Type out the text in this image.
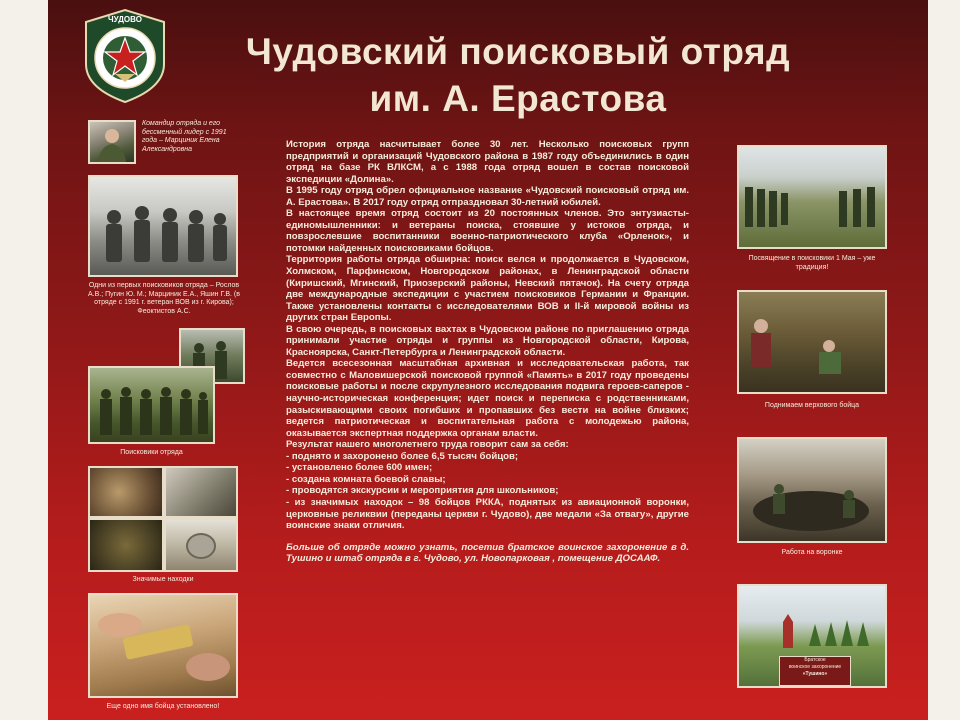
ЧУДОВО
Чудовский поисковый отряд
им. А. Ерастова
Командир отряда и его бессменный лидер с 1991 года – Марциник Елена Александровна
Одни из первых поисковиков отряда – Рослов А.В.; Пугин Ю. М.; Марциник Е.А., Яшин Г.В. (в отряде с 1991 г. ветеран ВОВ из г. Кирова); Феоктистов А.С.
Поисковики отряда
Значимые находки
Еще одно имя бойца установлено!

История отряда насчитывает более 30 лет. Несколько поисковых групп предприятий и организаций Чудовского района в 1987 году объединились в один отряд на базе РК ВЛКСМ, а с 1988 года отряд вошел в состав поисковой экспедиции «Долина».

В 1995 году отряд обрел официальное название «Чудовский поисковый отряд им. А. Ерастова». В 2017 году отряд отпраздновал 30-летний юбилей.

В настоящее время отряд состоит из 20 постоянных членов. Это энтузиасты-единомышленники: и ветераны поиска, стоявшие у истоков отряда, и повзрослевшие воспитанники военно-патриотического клуба «Орленок», и потомки найденных поисковиками бойцов.

Территория работы отряда обширна: поиск велся и продолжается в Чудовском, Холмском, Парфинском, Новгородском районах, в Ленинградской области (Киришский, Мгинский, Приозерский районы, Невский пятачок). На счету отряда две международные экспедиции с участием поисковиков Германии и Франции. Также установлены контакты с исследователями ВОВ и II-й мировой войны из других стран Европы.

В свою очередь, в поисковых вахтах в Чудовском районе по приглашению отряда принимали участие отряды и группы из Новгородской области, Кирова, Красноярска, Санкт-Петербурга и Ленинградской области.

Ведется всесезонная масштабная архивная и исследовательская работа, так совместно с Маловишерской поисковой группой «Память» в 2017 году проведены поисковые работы и после скрупулезного исследования подвига героев-саперов - научно-историческая конференция; идет поиск и переписка с родственниками, разыскивающими своих погибших и пропавших без вести на войне близких; ведется патриотическая и воспитательная работа с молодежью района, оказывается экспертная поддержка органам власти.

Результат нашего многолетнего труда говорит сам за себя:

- поднято и захоронено более 6,5 тысяч бойцов;
- установлено более 600 имен;
- создана комната боевой славы;
- проводятся экскурсии и мероприятия для школьников;
- из значимых находок – 98 бойцов РККА, поднятых из авиационной воронки, церковные реликвии (переданы церкви г. Чудово), две медали «За отвагу», другие воинские знаки отличия.

Больше об отряде можно узнать, посетив братское воинское захоронение в д. Тушино и штаб отряда в г. Чудово, ул. Новопарковая , помещение ДОСААФ.

Посвящение в поисковики 1 Мая – уже традиция!
Поднимаем верхового бойца
Работа на воронке
Братское
воинское захоронение
«Тушино»
